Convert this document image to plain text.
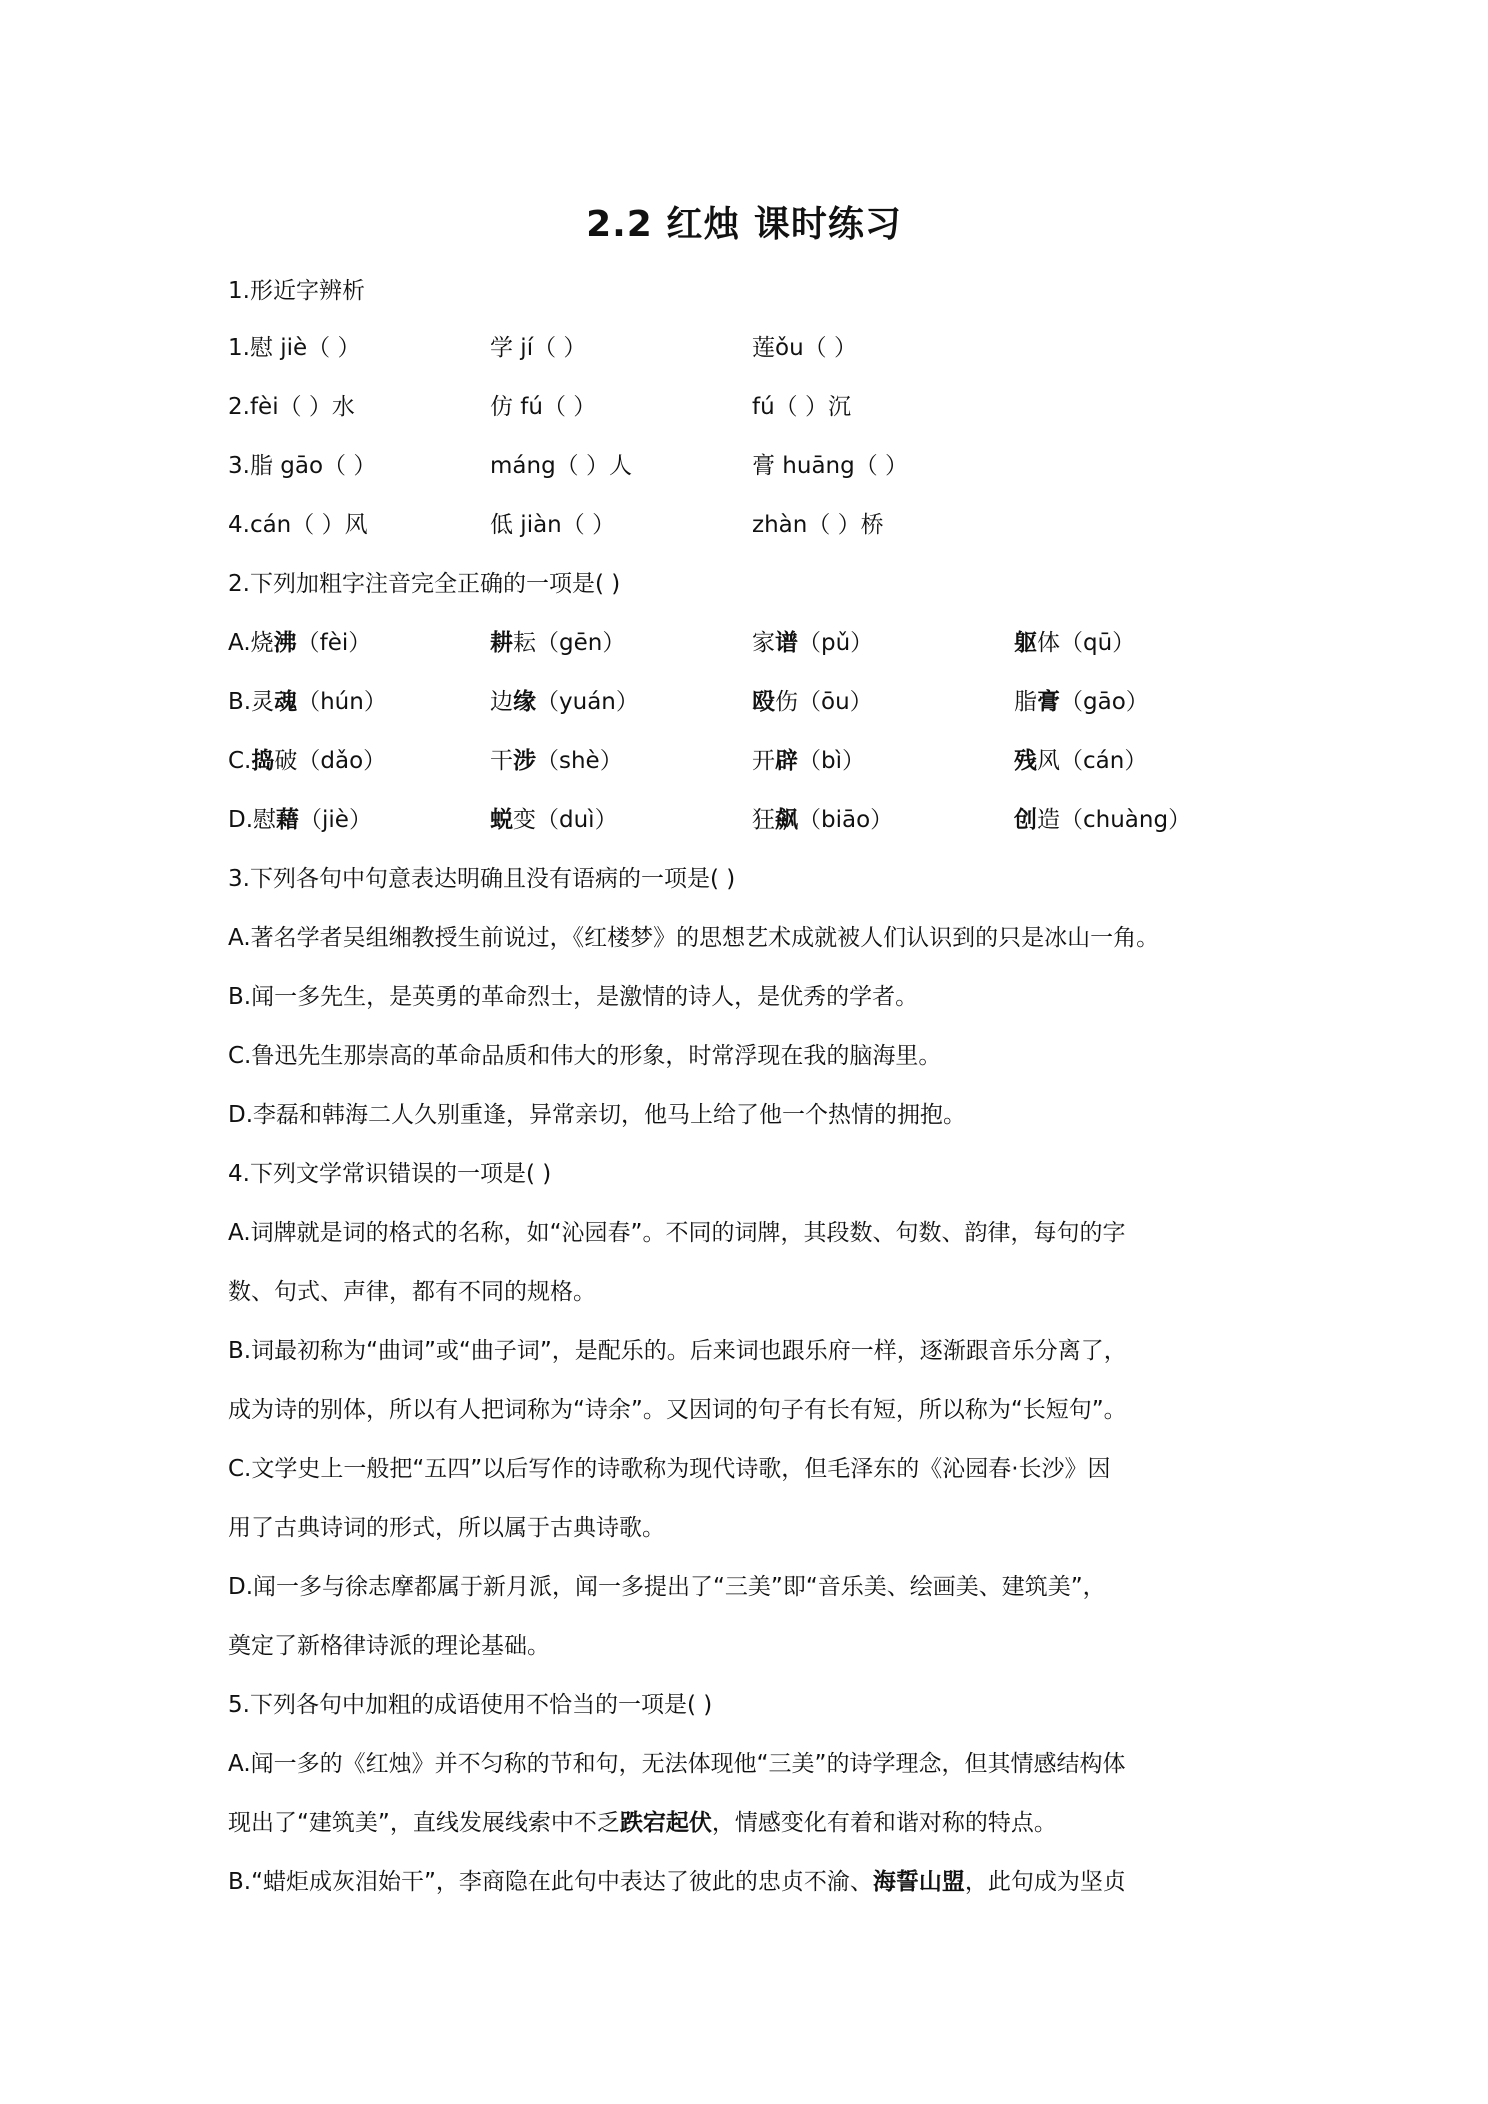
2.2 红烛 课时练习
1.形近字辨析
1.慰 jiè（ ）	学 jí（ ）	莲ǒu（ ）
2.fèi（ ）水	仿 fú（ ）	fú（ ）沉
3.脂 gāo（ ）	máng（ ）人	膏 huāng（ ）
4.cán（ ）风	低 jiàn（ ）	zhàn（ ）桥
2.下列加粗字注音完全正确的一项是( )
A.烧沸（fèi）	耕耘（gēn）	家谱（pǔ）	躯体（qū）
B.灵魂（hún）	边缘（yuán）	殴伤（ōu）	脂膏（gāo）
C.捣破（dǎo）	干涉（shè）	开辟（bì）	残风（cán）
D.慰藉（jiè）	蜕变（duì）	狂飙（biāo）	创造（chuàng）
3.下列各句中句意表达明确且没有语病的一项是( )
A.著名学者吴组缃教授生前说过，《红楼梦》的思想艺术成就被人们认识到的只是冰山一角。
B.闻一多先生，是英勇的革命烈士，是激情的诗人，是优秀的学者。
C.鲁迅先生那崇高的革命品质和伟大的形象，时常浮现在我的脑海里。
D.李磊和韩海二人久别重逢，异常亲切，他马上给了他一个热情的拥抱。
4.下列文学常识错误的一项是( )
A.词牌就是词的格式的名称，如“沁园春”。不同的词牌，其段数、句数、韵律，每句的字
数、句式、声律，都有不同的规格。
B.词最初称为“曲词”或“曲子词”，是配乐的。后来词也跟乐府一样，逐渐跟音乐分离了，
成为诗的别体，所以有人把词称为“诗余”。又因词的句子有长有短，所以称为“长短句”。
C.文学史上一般把“五四”以后写作的诗歌称为现代诗歌，但毛泽东的《沁园春·长沙》因
用了古典诗词的形式，所以属于古典诗歌。
D.闻一多与徐志摩都属于新月派，闻一多提出了“三美”即“音乐美、绘画美、建筑美”，
奠定了新格律诗派的理论基础。
5.下列各句中加粗的成语使用不恰当的一项是( )
A.闻一多的《红烛》并不匀称的节和句，无法体现他“三美”的诗学理念，但其情感结构体
现出了“建筑美”，直线发展线索中不乏跌宕起伏，情感变化有着和谐对称的特点。
B.“蜡炬成灰泪始干”，李商隐在此句中表达了彼此的忠贞不渝、海誓山盟，此句成为坚贞
